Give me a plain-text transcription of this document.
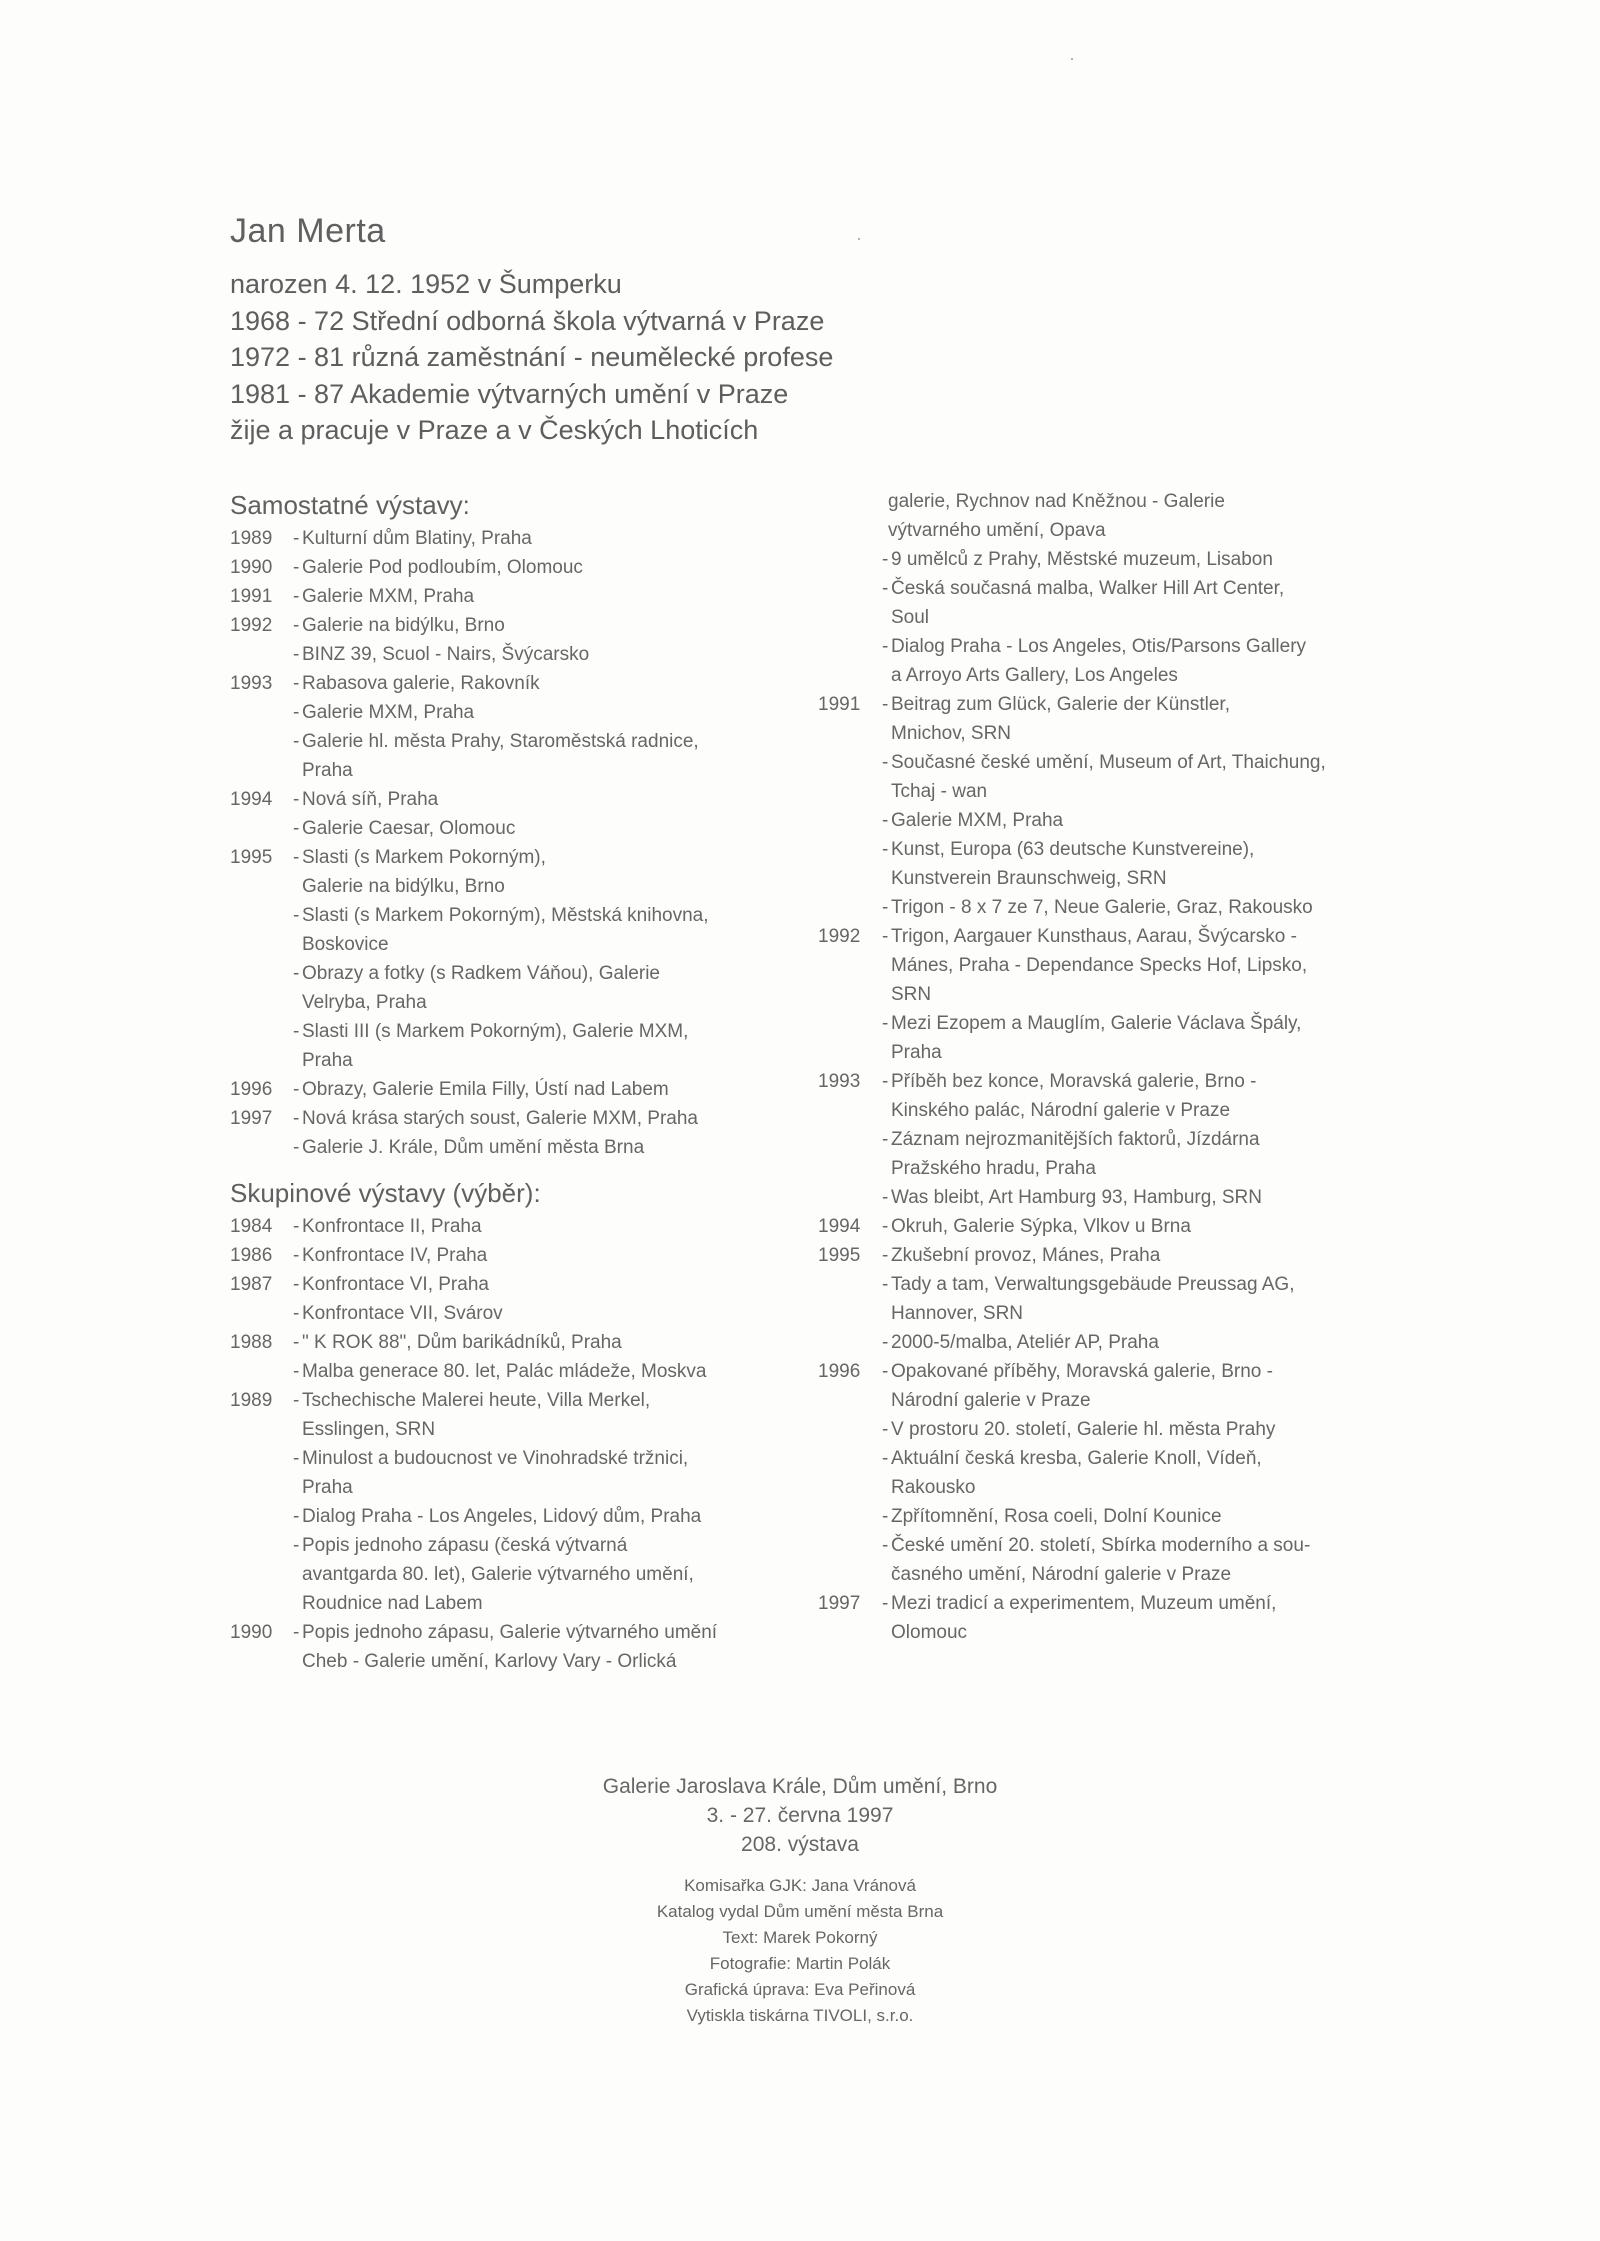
Jan Merta
narozen 4. 12. 1952 v Šumperku
1968 - 72 Střední odborná škola výtvarná v Praze
1972 - 81 různá zaměstnání - neumělecké profese
1981 - 87 Akademie výtvarných umění v Praze
žije a pracuje v Praze a v Českých Lhoticích
Samostatné výstavy:
1989	- Kulturní dům Blatiny, Praha
1990	- Galerie Pod podloubím, Olomouc
1991	- Galerie MXM, Praha
1992	- Galerie na bidýlku, Brno
- BINZ 39, Scuol - Nairs, Švýcarsko
1993	- Rabasova galerie, Rakovník
- Galerie MXM, Praha
- Galerie hl. města Prahy, Staroměstská radnice,
Praha
1994	- Nová síň, Praha
- Galerie Caesar, Olomouc
1995	- Slasti (s Markem Pokorným),
Galerie na bidýlku, Brno
- Slasti (s Markem Pokorným), Městská knihovna,
Boskovice
- Obrazy a fotky (s Radkem Váňou), Galerie
Velryba, Praha
- Slasti III (s Markem Pokorným), Galerie MXM,
Praha
1996	- Obrazy, Galerie Emila Filly, Ústí nad Labem
1997	- Nová krása starých soust, Galerie MXM, Praha
- Galerie J. Krále, Dům umění města Brna
Skupinové výstavy (výběr):
1984	- Konfrontace II, Praha
1986	- Konfrontace IV, Praha
1987	- Konfrontace VI, Praha
- Konfrontace VII, Svárov
1988	- " K ROK 88", Dům barikádníků, Praha
- Malba generace 80. let, Palác mládeže, Moskva
1989	- Tschechische Malerei heute, Villa Merkel,
Esslingen, SRN
- Minulost a budoucnost ve Vinohradské tržnici,
Praha
- Dialog Praha - Los Angeles, Lidový dům, Praha
- Popis jednoho zápasu (česká výtvarná
avantgarda 80. let), Galerie výtvarného umění,
Roudnice nad Labem
1990	- Popis jednoho zápasu, Galerie výtvarného umění
Cheb - Galerie umění, Karlovy Vary - Orlická
galerie, Rychnov nad Kněžnou - Galerie
výtvarného umění, Opava
- 9 umělců z Prahy, Městské muzeum, Lisabon
- Česká současná malba, Walker Hill Art Center,
Soul
- Dialog Praha - Los Angeles, Otis/Parsons Gallery
a Arroyo Arts Gallery, Los Angeles
1991	- Beitrag zum Glück, Galerie der Künstler,
Mnichov, SRN
- Současné české umění, Museum of Art, Thaichung,
Tchaj - wan
- Galerie MXM, Praha
- Kunst, Europa (63 deutsche Kunstvereine),
Kunstverein Braunschweig, SRN
- Trigon - 8 x 7 ze 7, Neue Galerie, Graz, Rakousko
1992	- Trigon, Aargauer Kunsthaus, Aarau, Švýcarsko -
Mánes, Praha - Dependance Specks Hof, Lipsko,
SRN
- Mezi Ezopem a Mauglím, Galerie Václava Špály,
Praha
1993	- Příběh bez konce, Moravská galerie, Brno -
Kinského palác, Národní galerie v Praze
- Záznam nejrozmanitějších faktorů, Jízdárna
Pražského hradu, Praha
- Was bleibt, Art Hamburg 93, Hamburg, SRN
1994	- Okruh, Galerie Sýpka, Vlkov u Brna
1995	- Zkušební provoz, Mánes, Praha
- Tady a tam, Verwaltungsgebäude Preussag AG,
Hannover, SRN
- 2000-5/malba, Ateliér AP, Praha
1996	- Opakované příběhy, Moravská galerie, Brno -
Národní galerie v Praze
- V prostoru 20. století, Galerie hl. města Prahy
- Aktuální česká kresba, Galerie Knoll, Vídeň,
Rakousko
- Zpřítomnění, Rosa coeli, Dolní Kounice
- České umění 20. století, Sbírka moderního a sou-
časného umění, Národní galerie v Praze
1997	- Mezi tradicí a experimentem, Muzeum umění,
Olomouc
Galerie Jaroslava Krále, Dům umění, Brno
3. - 27. června 1997
208. výstava
Komisařka GJK: Jana Vránová
Katalog vydal Dům umění města Brna
Text: Marek Pokorný
Fotografie: Martin Polák
Grafická úprava: Eva Peřinová
Vytiskla tiskárna TIVOLI, s.r.o.
